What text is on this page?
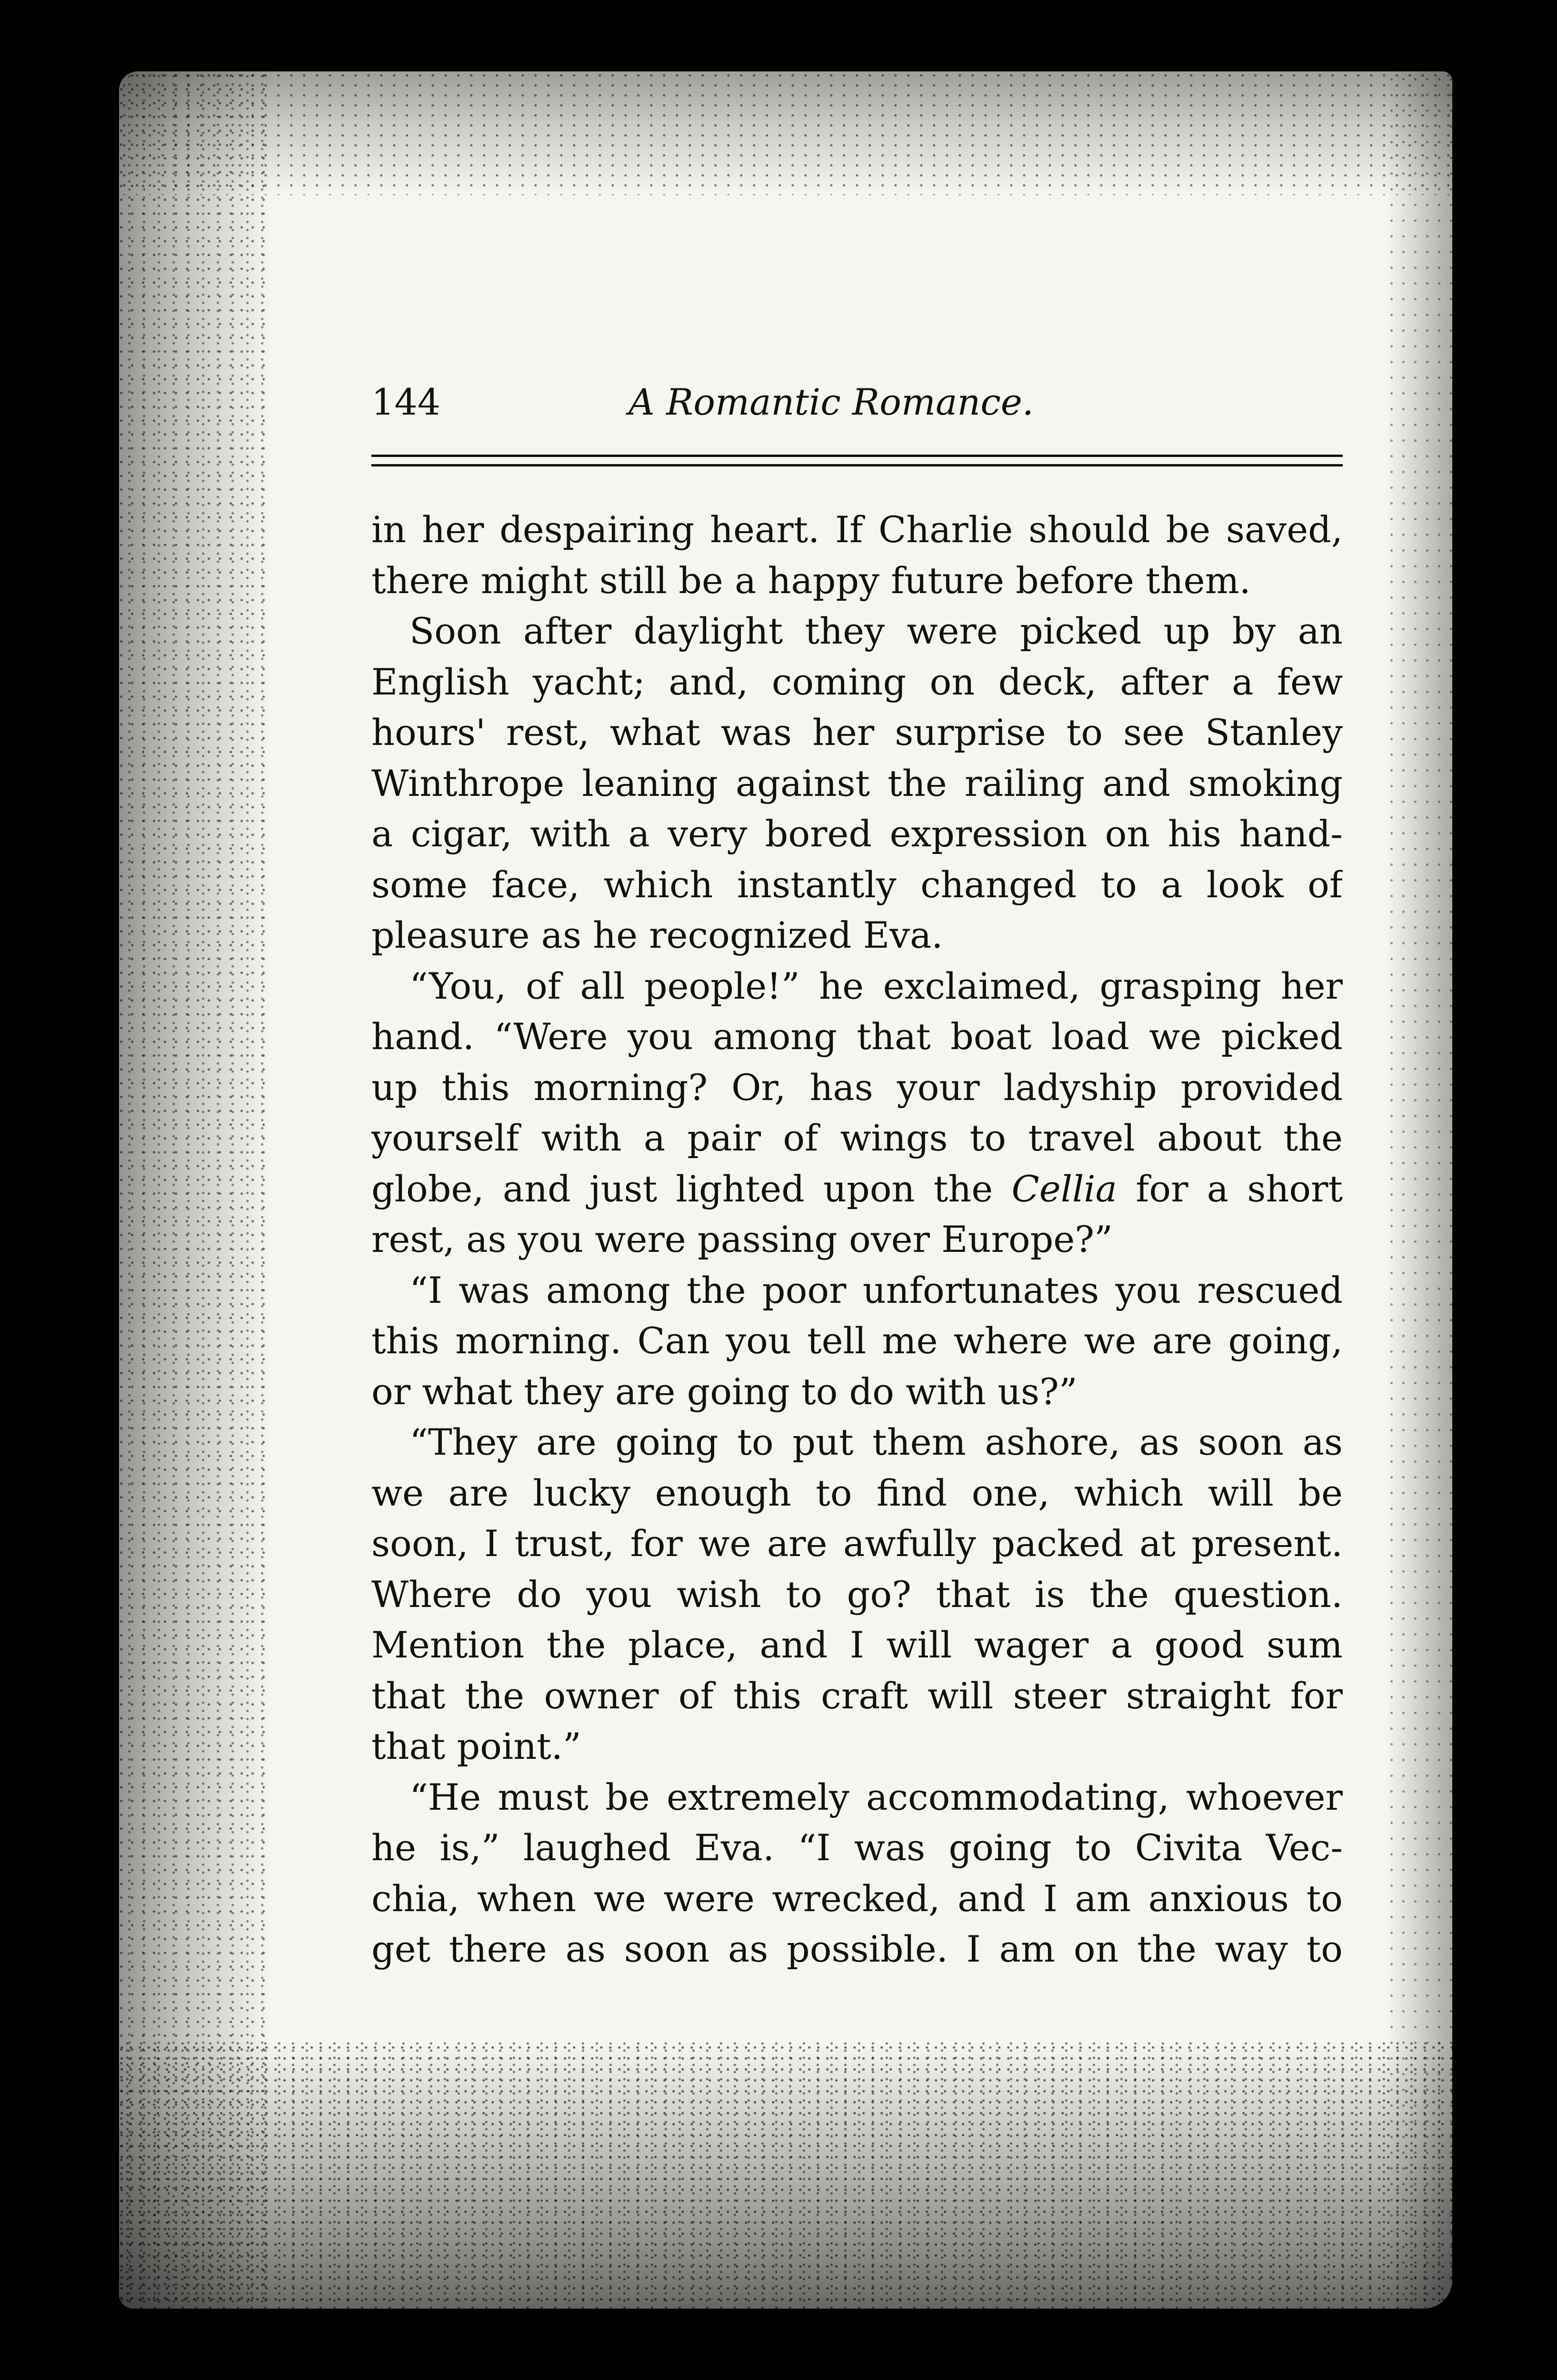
144	A Romantic Romance.
in her despairing heart. If Charlie should be saved,
there might still be a happy future before them.
Soon after daylight they were picked up by an
English yacht; and, coming on deck, after a few
hours' rest, what was her surprise to see Stanley
Winthrope leaning against the railing and smoking
a cigar, with a very bored expression on his hand-
some face, which instantly changed to a look of
pleasure as he recognized Eva.
“You, of all people!” he exclaimed, grasping her
hand. “Were you among that boat load we picked
up this morning? Or, has your ladyship provided
yourself with a pair of wings to travel about the
globe, and just lighted upon the Cellia for a short
rest, as you were passing over Europe?”
“I was among the poor unfortunates you rescued
this morning. Can you tell me where we are going,
or what they are going to do with us?”
“They are going to put them ashore, as soon as
we are lucky enough to find one, which will be
soon, I trust, for we are awfully packed at present.
Where do you wish to go? that is the question.
Mention the place, and I will wager a good sum
that the owner of this craft will steer straight for
that point.”
“He must be extremely accommodating, whoever
he is,” laughed Eva. “I was going to Civita Vec-
chia, when we were wrecked, and I am anxious to
get there as soon as possible. I am on the way to
